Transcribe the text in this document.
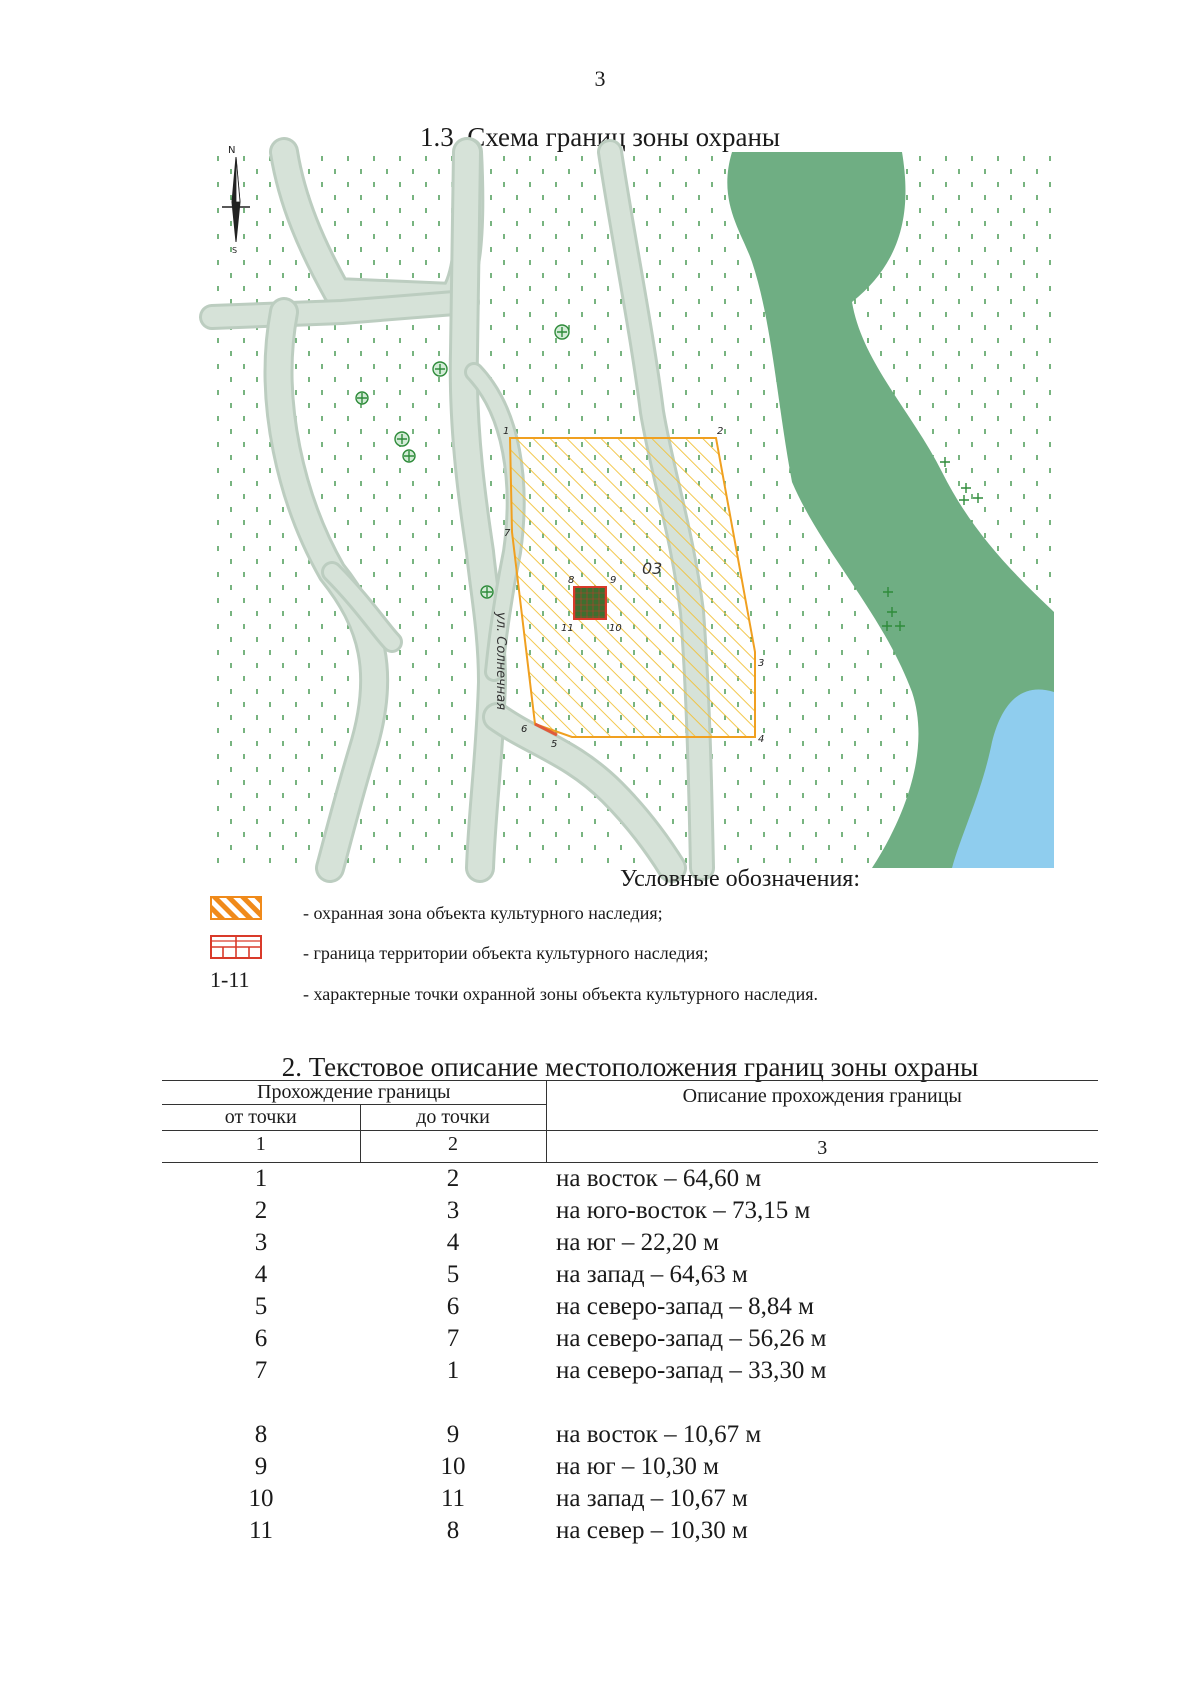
3
1.3. Схема границ зоны охраны
N
S
ул. Солнечная
03
1	2
3
4
5
6
7
8	9
10
11
Условные обозначения:
- охранная зона объекта культурного наследия;
- граница территории объекта культурного наследия;
1-11
- характерные точки охранной зоны объекта культурного наследия.
2. Текстовое описание местоположения границ зоны охраны
Прохождение границы		Описание прохождения границы
от точки	до точки	
1	2	3
1	2	на восток – 64,60 м
2	3	на юго-восток – 73,15 м
3	4	на юг – 22,20 м
4	5	на запад – 64,63 м
5	6	на северо-запад – 8,84 м
6	7	на северо-запад – 56,26 м
7	1	на северо-запад – 33,30 м

8	9	на восток – 10,67 м
9	10	на юг – 10,30 м
10	11	на запад – 10,67 м
11	8	на север – 10,30 м
